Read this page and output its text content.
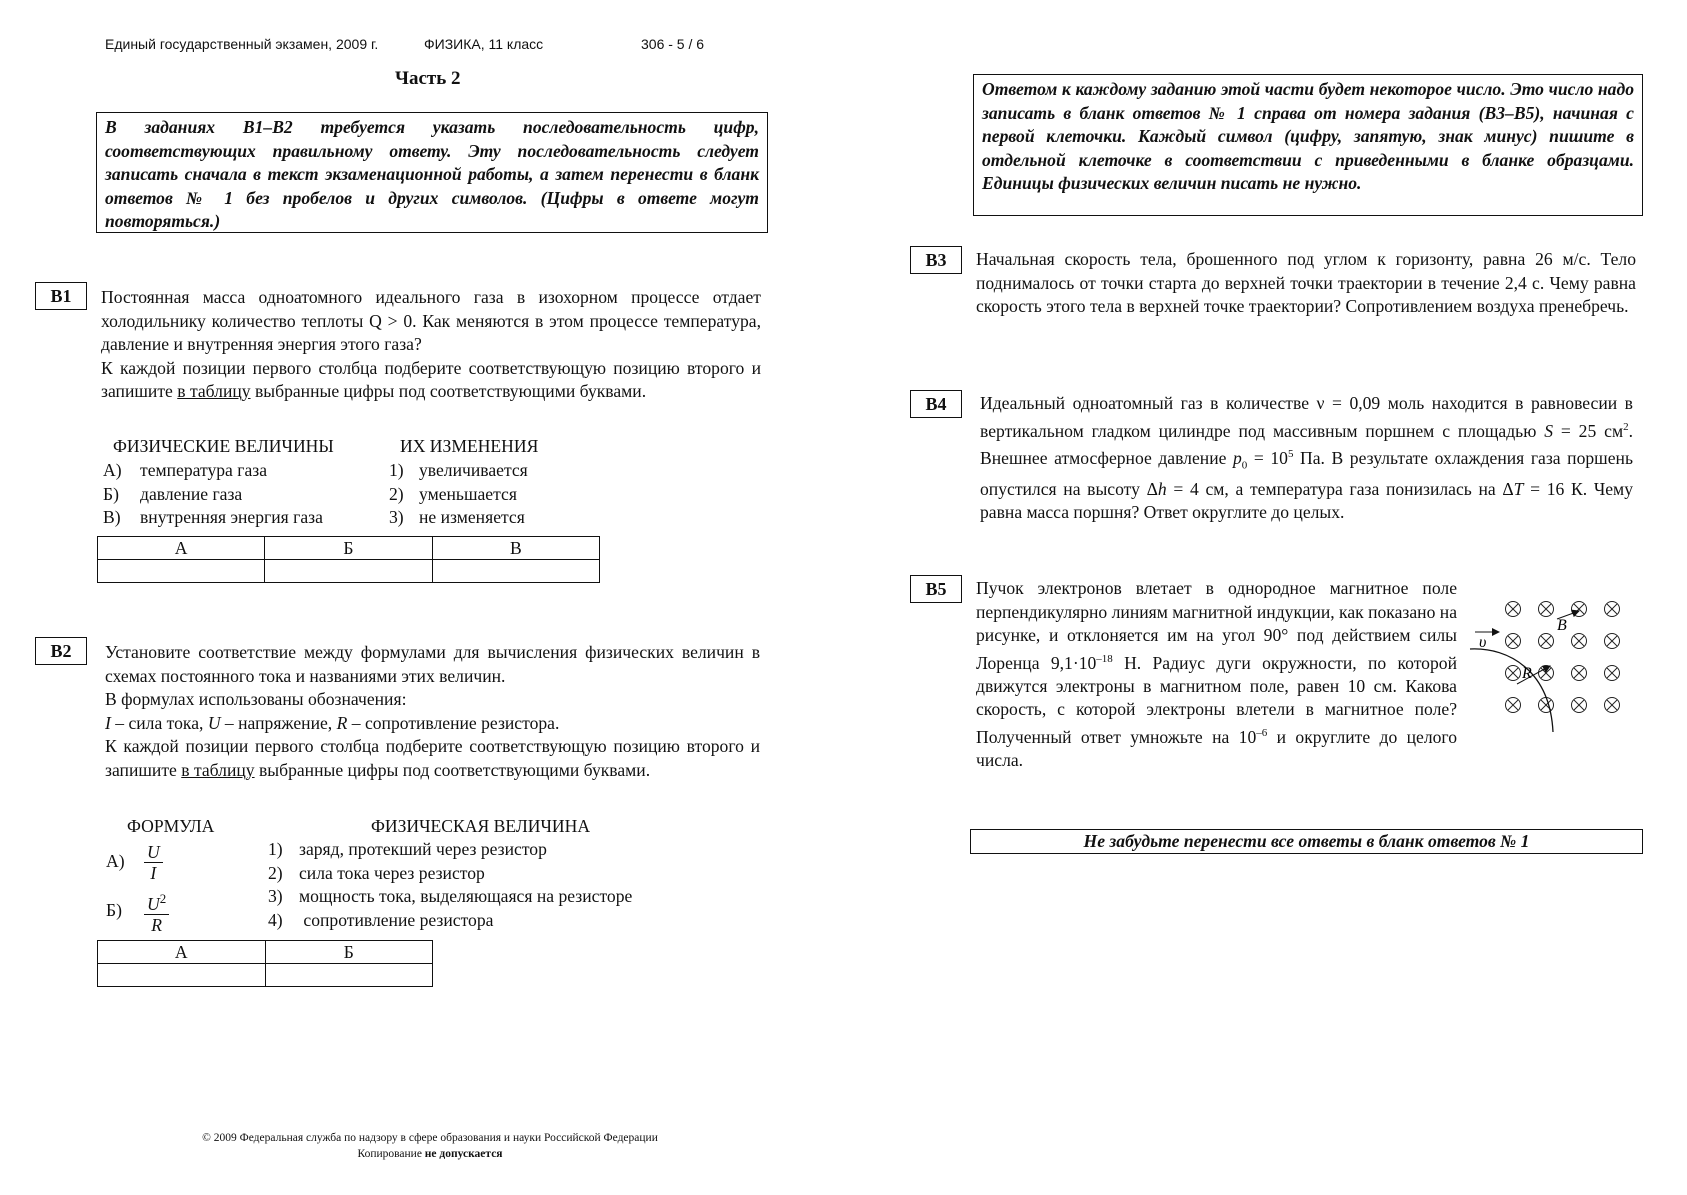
Единый государственный экзамен, 2009 г.	ФИЗИКА, 11 класс	306 - 5 / 6
Часть 2
В заданиях В1–В2 требуется указать последовательность цифр, соответствующих правильному ответу. Эту последовательность следует записать сначала в текст экзаменационной работы, а затем перенести в бланк ответов № 1 без пробелов и других символов. (Цифры в ответе могут повторяться.)
Ответом к каждому заданию этой части будет некоторое число. Это число надо записать в бланк ответов № 1 справа от номера задания (В3–В5), начиная с первой клеточки. Каждый символ (цифру, запятую, знак минус) пишите в отдельной клеточке в соответствии с приведенными в бланке образцами. Единицы физических величин писать не нужно.
B1	Постоянная масса одноатомного идеального газа в изохорном процессе отдает холодильнику количество теплоты Q > 0. Как меняются в этом процессе температура, давление и внутренняя энергия этого газа?

К каждой позиции первого столбца подберите соответствующую позицию второго и запишите в таблицу выбранные цифры под соответствующими буквами.

ФИЗИЧЕСКИЕ ВЕЛИЧИНЫ	ИХ ИЗМЕНЕНИЯ
А) температура газа
Б) давление газа
В) внутренняя энергия газа
1) увеличивается
2) уменьшается
3) не изменяется
А	Б	В

B2	Установите соответствие между формулами для вычисления физических величин в схемах постоянного тока и названиями этих величин.

В формулах использованы обозначения:

I – сила тока, U – напряжение, R – сопротивление резистора.

К каждой позиции первого столбца подберите соответствующую позицию второго и запишите в таблицу выбранные цифры под соответствующими буквами.

ФОРМУЛА	ФИЗИЧЕСКАЯ ВЕЛИЧИНА
$А) \frac{U}{I}$
$Б) \frac{U^2}{R}$
1) заряд, протекший через резистор
2) сила тока через резистор
3) мощность тока, выделяющаяся на резисторе
4) сопротивление резистора
А	Б

B3	Начальная скорость тела, брошенного под углом к горизонту, равна 26 м/с. Тело поднималось от точки старта до верхней точки траектории в течение 2,4 с. Чему равна скорость этого тела в верхней точке траектории? Сопротивлением воздуха пренебречь.
B4	Идеальный одноатомный газ в количестве ν = 0,09 моль находится в равновесии в вертикальном гладком цилиндре под массивным поршнем с площадью S = 25 $см^2$. Внешнее атмосферное давление $p_0 = 10^5$ Па. В результате охлаждения газа поршень опустился на высоту Δh = 4 см, а температура газа понизилась на ΔT = 16 К. Чему равна масса поршня? Ответ округлите до целых.
B5	Пучок электронов влетает в однородное магнитное поле перпендикулярно линиям магнитной индукции, как показано на рисунке, и отклоняется им на угол 90° под действием силы Лоренца $9,1\cdot 10^{-18}$ Н. Радиус дуги окружности, по которой движутся электроны в магнитном поле, равен 10 см. Какова скорость, с которой электроны влетели в магнитное поле? Полученный ответ умножьте на $10^{-6}$ и округлите до целого числа.
υ
B
R
Не забудьте перенести все ответы в бланк ответов № 1
© 2009 Федеральная служба по надзору в сфере образования и науки Российской Федерации
Копирование не допускается
